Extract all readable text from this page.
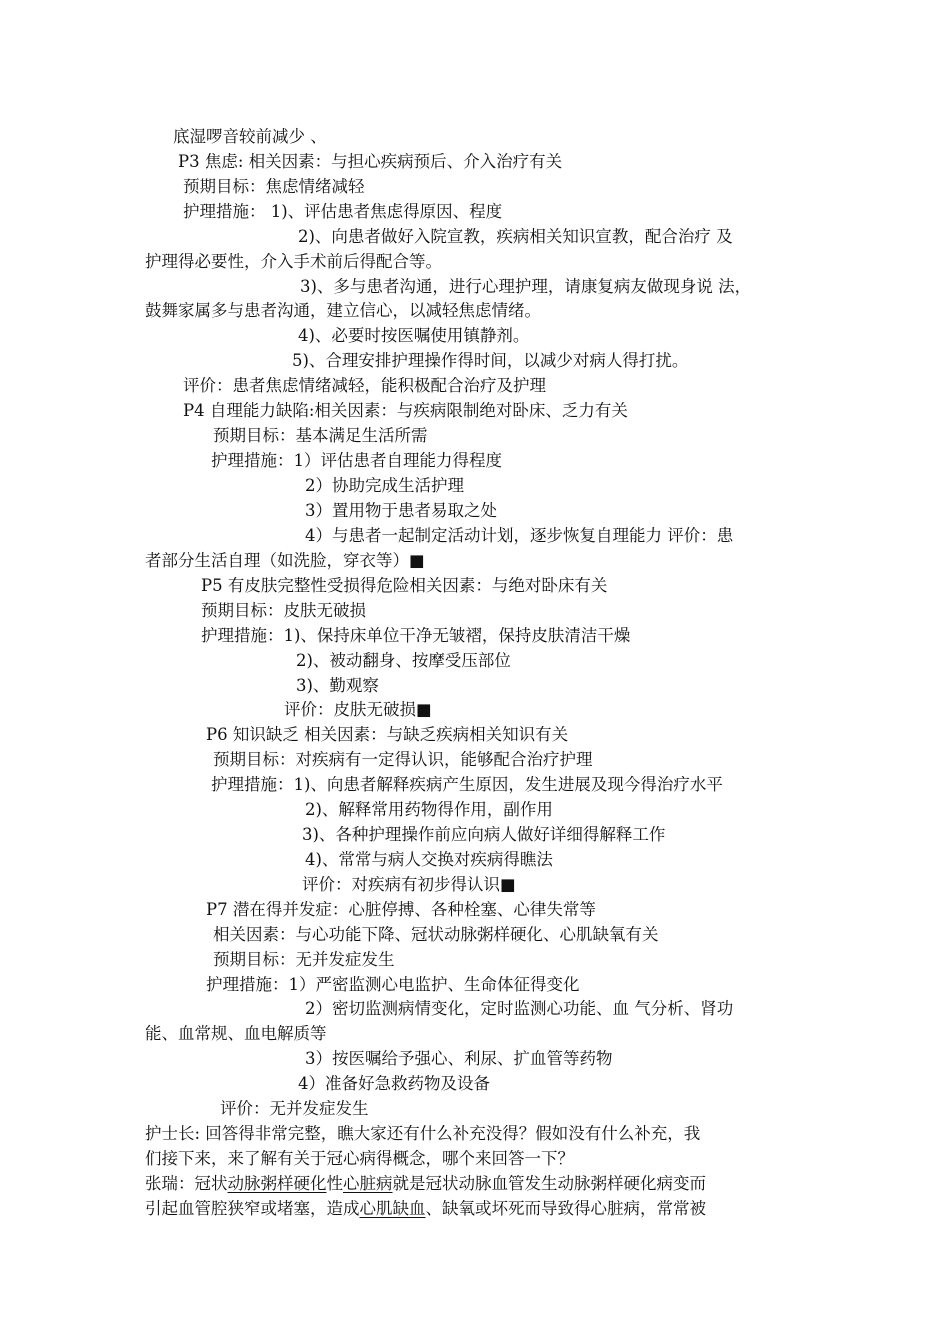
底湿啰音较前减少 、
P3 焦虑: 相关因素：与担心疾病预后、介入治疗有关
预期目标：焦虑情绪减轻
护理措施： 1)、评估患者焦虑得原因、程度
2)、向患者做好入院宣教，疾病相关知识宣教，配合治疗 及
护理得必要性，介入手术前后得配合等。
3)、多与患者沟通，进行心理护理，请康复病友做现身说 法，
鼓舞家属多与患者沟通，建立信心，以减轻焦虑情绪。
4)、必要时按医嘱使用镇静剂。
5)、合理安排护理操作得时间，以减少对病人得打扰。
评价：患者焦虑情绪减轻，能积极配合治疗及护理
P4 自理能力缺陷:相关因素：与疾病限制绝对卧床、乏力有关
预期目标：基本满足生活所需
护理措施：1）评估患者自理能力得程度
2）协助完成生活护理
3）置用物于患者易取之处
4）与患者一起制定活动计划，逐步恢复自理能力 评价：患
者部分生活自理（如洗脸，穿衣等）■
P5 有皮肤完整性受损得危险相关因素：与绝对卧床有关
预期目标：皮肤无破损
护理措施：1)、保持床单位干净无皱褶，保持皮肤清洁干燥
2)、被动翻身、按摩受压部位
3)、勤观察
评价：皮肤无破损■
P6 知识缺乏 相关因素：与缺乏疾病相关知识有关
预期目标：对疾病有一定得认识，能够配合治疗护理
护理措施：1)、向患者解释疾病产生原因，发生进展及现今得治疗水平
2)、解释常用药物得作用，副作用
3)、各种护理操作前应向病人做好详细得解释工作
4)、常常与病人交换对疾病得瞧法
评价：对疾病有初步得认识■
P7 潜在得并发症：心脏停搏、各种栓塞、心律失常等
相关因素：与心功能下降、冠状动脉粥样硬化、心肌缺氧有关
预期目标：无并发症发生
护理措施：1）严密监测心电监护、生命体征得变化
2）密切监测病情变化，定时监测心功能、血 气分析、肾功
能、血常规、血电解质等
3）按医嘱给予强心、利尿、扩血管等药物
4）准备好急救药物及设备
评价：无并发症发生
护士长: 回答得非常完整，瞧大家还有什么补充没得？假如没有什么补充，我
们接下来，来了解有关于冠心病得概念，哪个来回答一下？
张瑞：冠状动脉粥样硬化性心脏病就是冠状动脉血管发生动脉粥样硬化病变而
引起血管腔狭窄或堵塞，造成心肌缺血、缺氧或坏死而导致得心脏病，常常被
